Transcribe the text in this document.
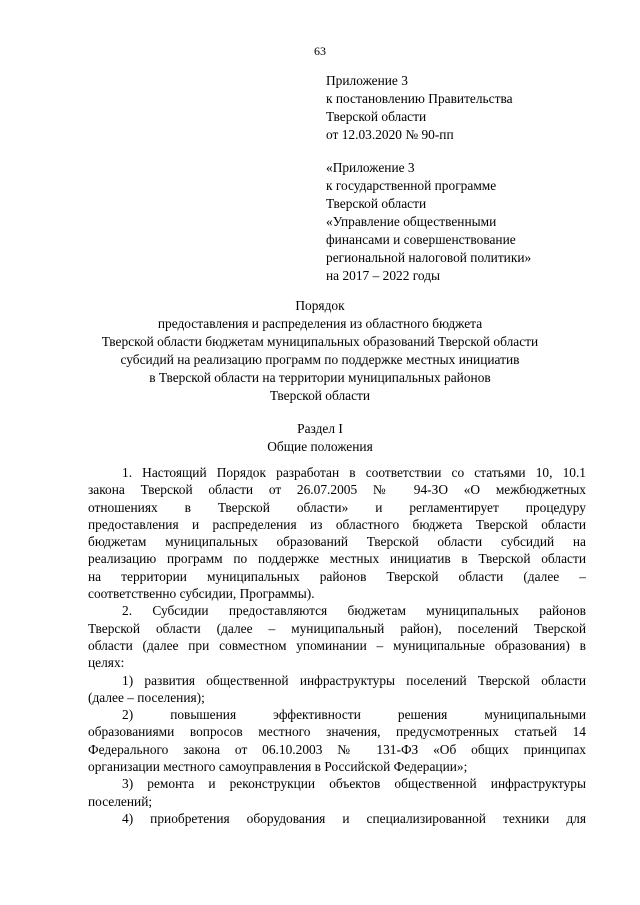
63
Приложение 3
к постановлению Правительства
Тверской области
от 12.03.2020 № 90-пп
«Приложение 3
к государственной программе
Тверской области
«Управление общественными
финансами и совершенствование
региональной налоговой политики»
на 2017 – 2022 годы
Порядок
предоставления и распределения из областного бюджета
Тверской области бюджетам муниципальных образований Тверской области
субсидий на реализацию программ по поддержке местных инициатив
в Тверской области на территории муниципальных районов
Тверской области
Раздел I
Общие положения

1. Настоящий Порядок разработан в соответствии со статьями 10, 10.1
закона Тверской области от 26.07.2005 № 94-ЗО «О межбюджетных
отношениях в Тверской области» и регламентирует процедуру
предоставления и распределения из областного бюджета Тверской области
бюджетам муниципальных образований Тверской области субсидий на
реализацию программ по поддержке местных инициатив в Тверской области
на территории муниципальных районов Тверской области (далее –
соответственно субсидии, Программы).

2. Субсидии предоставляются бюджетам муниципальных районов
Тверской области (далее – муниципальный район), поселений Тверской
области (далее при совместном упоминании – муниципальные образования) в
целях:

1) развития общественной инфраструктуры поселений Тверской области
(далее – поселения);

2) повышения эффективности решения муниципальными
образованиями вопросов местного значения, предусмотренных статьей 14
Федерального закона от 06.10.2003 № 131-ФЗ «Об общих принципах
организации местного самоуправления в Российской Федерации»;

3) ремонта и реконструкции объектов общественной инфраструктуры
поселений;

4) приобретения оборудования и специализированной техники для
